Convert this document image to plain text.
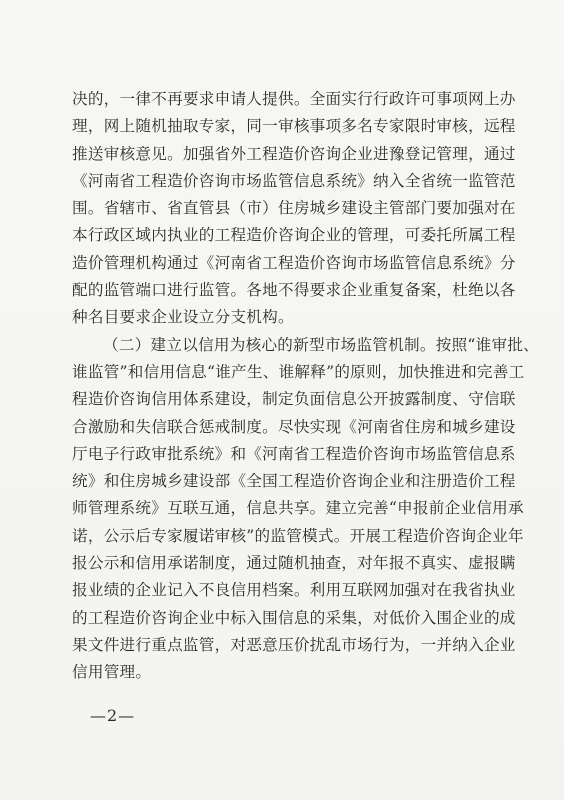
决的，一律不再要求申请人提供。全面实行行政许可事项网上办
理，网上随机抽取专家，同一审核事项多名专家限时审核，远程
推送审核意见。加强省外工程造价咨询企业进豫登记管理，通过
《河南省工程造价咨询市场监管信息系统》纳入全省统一监管范
围。省辖市、省直管县（市）住房城乡建设主管部门要加强对在
本行政区域内执业的工程造价咨询企业的管理，可委托所属工程
造价管理机构通过《河南省工程造价咨询市场监管信息系统》分
配的监管端口进行监管。各地不得要求企业重复备案，杜绝以各
种名目要求企业设立分支机构。
（二）建立以信用为核心的新型市场监管机制。按照“谁审批、
谁监管”和信用信息“谁产生、谁解释”的原则，加快推进和完善工
程造价咨询信用体系建设，制定负面信息公开披露制度、守信联
合激励和失信联合惩戒制度。尽快实现《河南省住房和城乡建设
厅电子行政审批系统》和《河南省工程造价咨询市场监管信息系
统》和住房城乡建设部《全国工程造价咨询企业和注册造价工程
师管理系统》互联互通，信息共享。建立完善“申报前企业信用承
诺，公示后专家履诺审核”的监管模式。开展工程造价咨询企业年
报公示和信用承诺制度，通过随机抽查，对年报不真实、虚报瞒
报业绩的企业记入不良信用档案。利用互联网加强对在我省执业
的工程造价咨询企业中标入围信息的采集，对低价入围企业的成
果文件进行重点监管，对恶意压价扰乱市场行为，一并纳入企业
信用管理。
—2—
